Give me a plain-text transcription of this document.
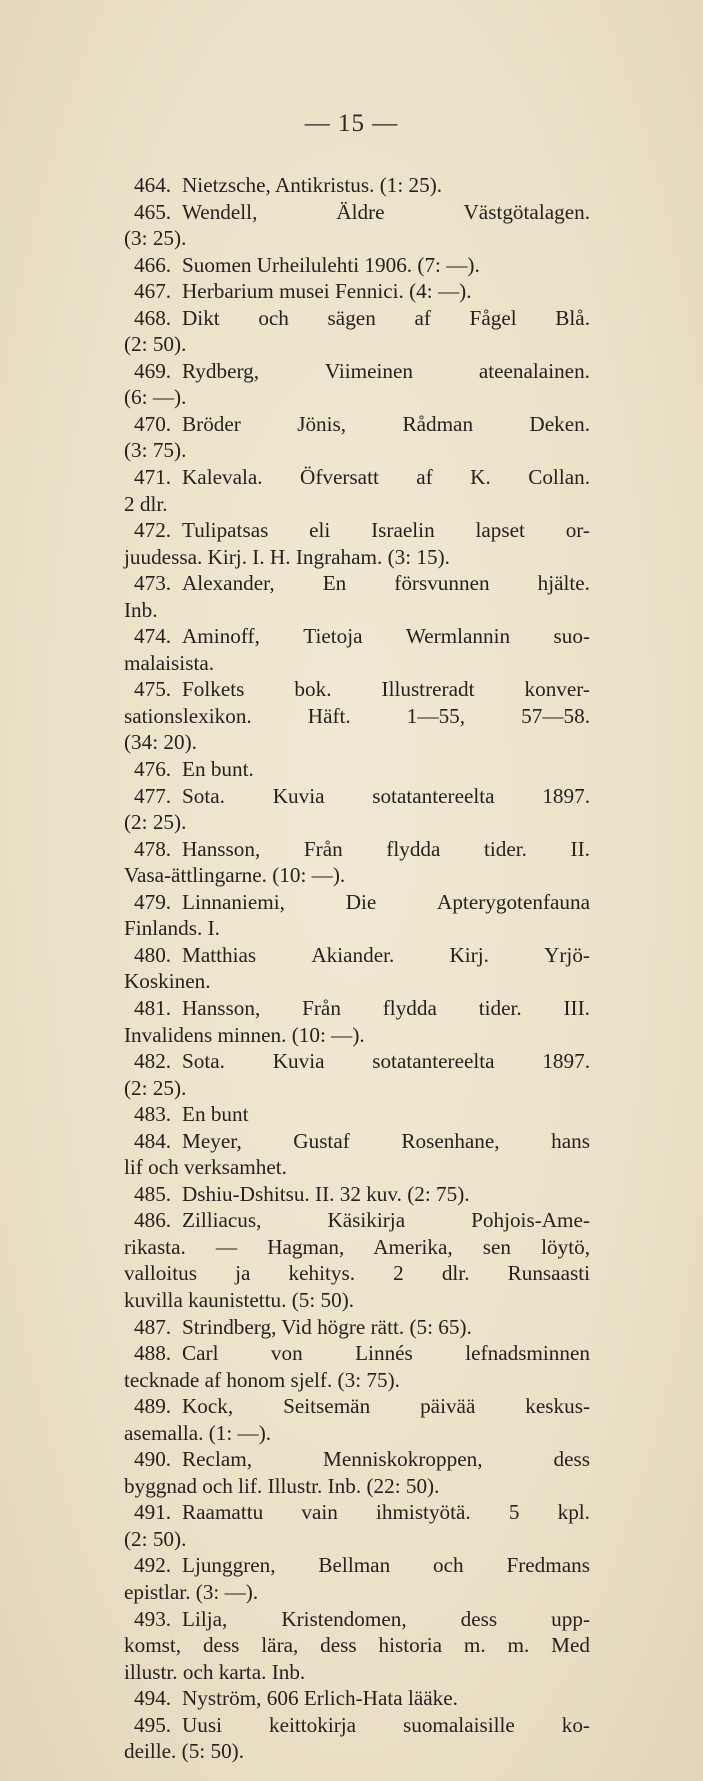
— 15 —
464. Nietzsche, Antikristus. (1: 25).
465. Wendell,	Äldre	Västgötalagen.
(3: 25).
466. Suomen Urheilulehti 1906. (7: —).
467. Herbarium musei Fennici. (4: —).
468. Dikt och sägen af Fågel Blå.
(2: 50).
469. Rydberg,	Viimeinen	ateenalainen.
(6: —).
470. Bröder	Jönis,	Rådman	Deken.
(3: 75).
471. Kalevala. Öfversatt af K. Collan.
2 dlr.
472. Tulipatsas eli Israelin lapset or-
juudessa. Kirj. I. H. Ingraham. (3: 15).
473. Alexander, En försvunnen hjälte.
Inb.
474. Aminoff, Tietoja Wermlannin suo-
malaisista.
475. Folkets bok. Illustreradt konver-
sationslexikon. Häft. 1—55, 57—58.
(34: 20).
476. En bunt.
477. Sota. Kuvia sotatantereelta 1897.
(2: 25).
478. Hansson, Från flydda tider. II.
Vasa-ättlingarne. (10: —).
479. Linnaniemi,	Die	Apterygotenfauna
Finlands. I.
480. Matthias	Akiander.	Kirj.	Yrjö-
Koskinen.
481. Hansson, Från flydda tider. III.
Invalidens minnen. (10: —).
482. Sota. Kuvia sotatantereelta 1897.
(2: 25).
483. En bunt
484. Meyer, Gustaf Rosenhane, hans
lif och verksamhet.
485. Dshiu-Dshitsu. II. 32 kuv. (2: 75).
486. Zilliacus,	Käsikirja	Pohjois-Ame-
rikasta. — Hagman, Amerika, sen löytö,
valloitus ja kehitys. 2 dlr. Runsaasti
kuvilla kaunistettu. (5: 50).
487. Strindberg, Vid högre rätt. (5: 65).
488. Carl von Linnés lefnadsminnen
tecknade af honom sjelf. (3: 75).
489. Kock, Seitsemän päivää keskus-
asemalla. (1: —).
490. Reclam,	Menniskokroppen,	dess
byggnad och lif. Illustr. Inb. (22: 50).
491. Raamattu vain ihmistyötä. 5 kpl.
(2: 50).
492. Ljunggren, Bellman och Fredmans
epistlar. (3: —).
493. Lilja,	Kristendomen,	dess	upp-
komst, dess lära, dess historia m. m. Med
illustr. och karta. Inb.
494. Nyström, 606 Erlich-Hata lääke.
495. Uusi keittokirja suomalaisille ko-
deille. (5: 50).
